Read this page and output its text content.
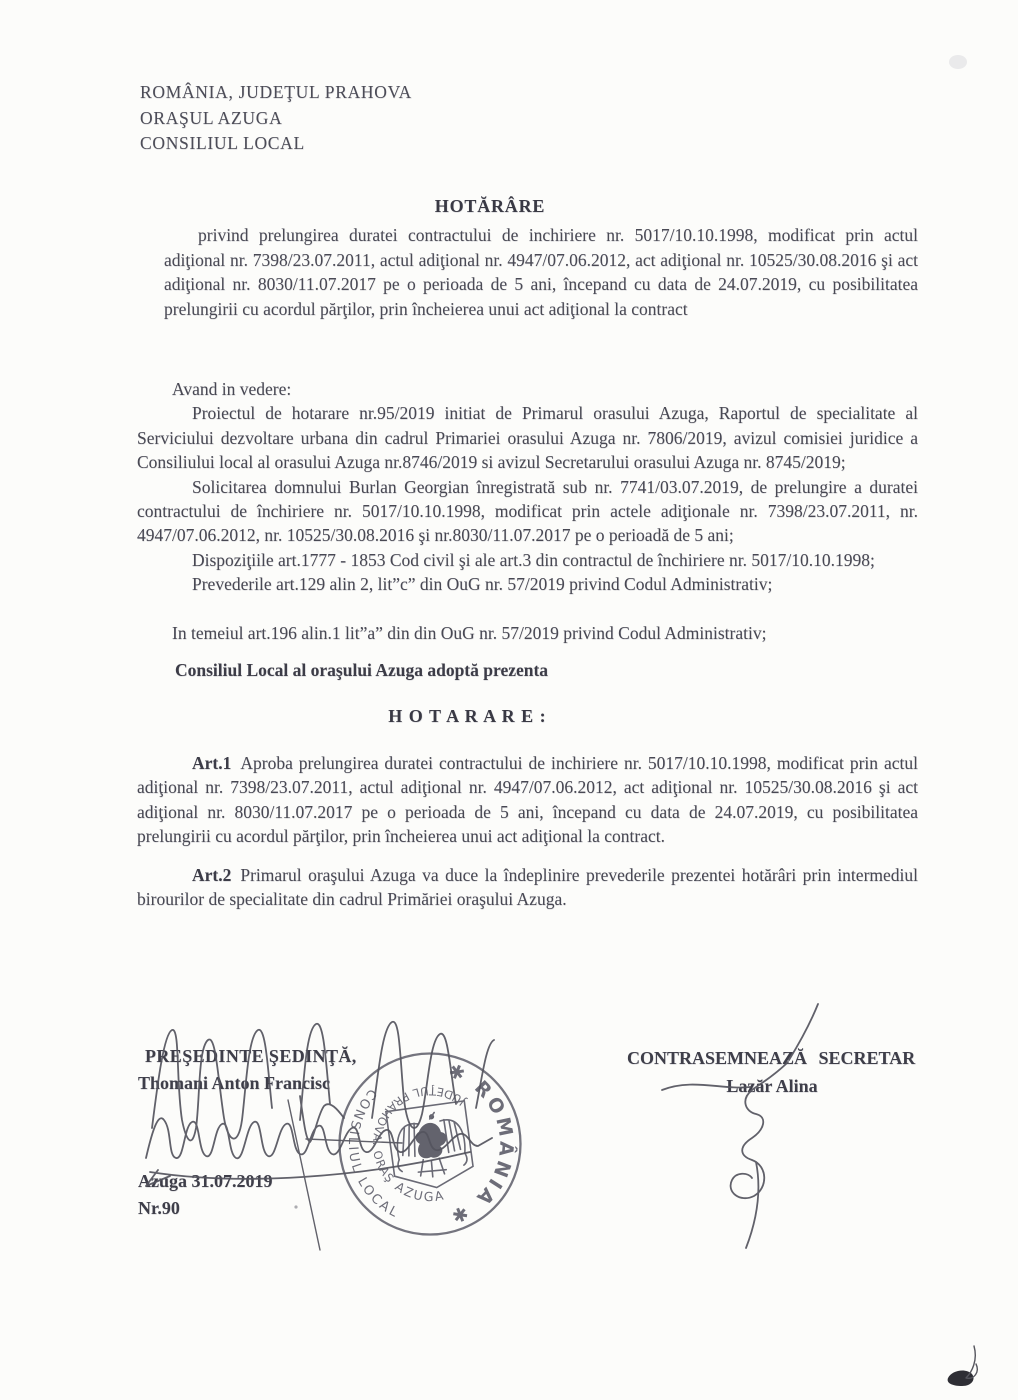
ROMÂNIA, JUDEŢUL PRAHOVA
ORAŞUL AZUGA
CONSILIUL LOCAL
HOTĂRÂRE
privind prelungirea duratei contractului de inchiriere nr. 5017/10.10.1998, modificat prin actul adiţional nr. 7398/23.07.2011, actul adiţional nr. 4947/07.06.2012, act adiţional nr. 10525/30.08.2016 şi act adiţional nr. 8030/11.07.2017 pe o perioada de 5 ani, începand cu data de 24.07.2019, cu posibilitatea prelungirii cu acordul părţilor, prin încheierea unui act adiţional la contract

Avand in vedere:

Proiectul de hotarare nr.95/2019 initiat de Primarul orasului Azuga, Raportul de specialitate al Serviciului dezvoltare urbana din cadrul Primariei orasului Azuga nr. 7806/2019, avizul comisiei juridice a Consiliului local al orasului Azuga nr.8746/2019 si avizul Secretarului orasului Azuga nr. 8745/2019;

Solicitarea domnului Burlan Georgian înregistrată sub nr. 7741/03.07.2019, de prelungire a duratei contractului de închiriere nr. 5017/10.10.1998, modificat prin actele adiţionale nr. 7398/23.07.2011, nr. 4947/07.06.2012, nr. 10525/30.08.2016 şi nr.8030/11.07.2017 pe o perioadă de 5 ani;

Dispoziţiile art.1777 - 1853 Cod civil şi ale art.3 din contractul de închiriere nr. 5017/10.10.1998;

Prevederile art.129 alin 2, lit”c” din OuG nr. 57/2019 privind Codul Administrativ;

In temeiul art.196 alin.1 lit”a” din din OuG nr. 57/2019 privind Codul Administrativ;

Consiliul Local al oraşului Azuga adoptă prezenta

H O T A R A R E :

Art.1 Aproba prelungirea duratei contractului de inchiriere nr. 5017/10.10.1998, modificat prin actul adiţional nr. 7398/23.07.2011, actul adiţional nr. 4947/07.06.2012, act adiţional nr. 10525/30.08.2016 şi act adiţional nr. 8030/11.07.2017 pe o perioada de 5 ani, începand cu data de 24.07.2019, cu posibilitatea prelungirii cu acordul părţilor, prin încheierea unui act adiţional la contract.

Art.2 Primarul oraşului Azuga va duce la îndeplinire prevederile prezentei hotărâri prin intermediul birourilor de specialitate din cadrul Primăriei oraşului Azuga.

PREŞEDINTE ŞEDINŢĂ,
Thomani Anton Francisc
CONTRASEMNEAZĂ SECRETAR
Lazăr Alina
Azuga 31.07.2019
Nr.90
✱ ROMÂNIA ✱
JUDEŢUL PRAHOVA. ORAŞ
AZUGA
CONSILIUL LOCAL
